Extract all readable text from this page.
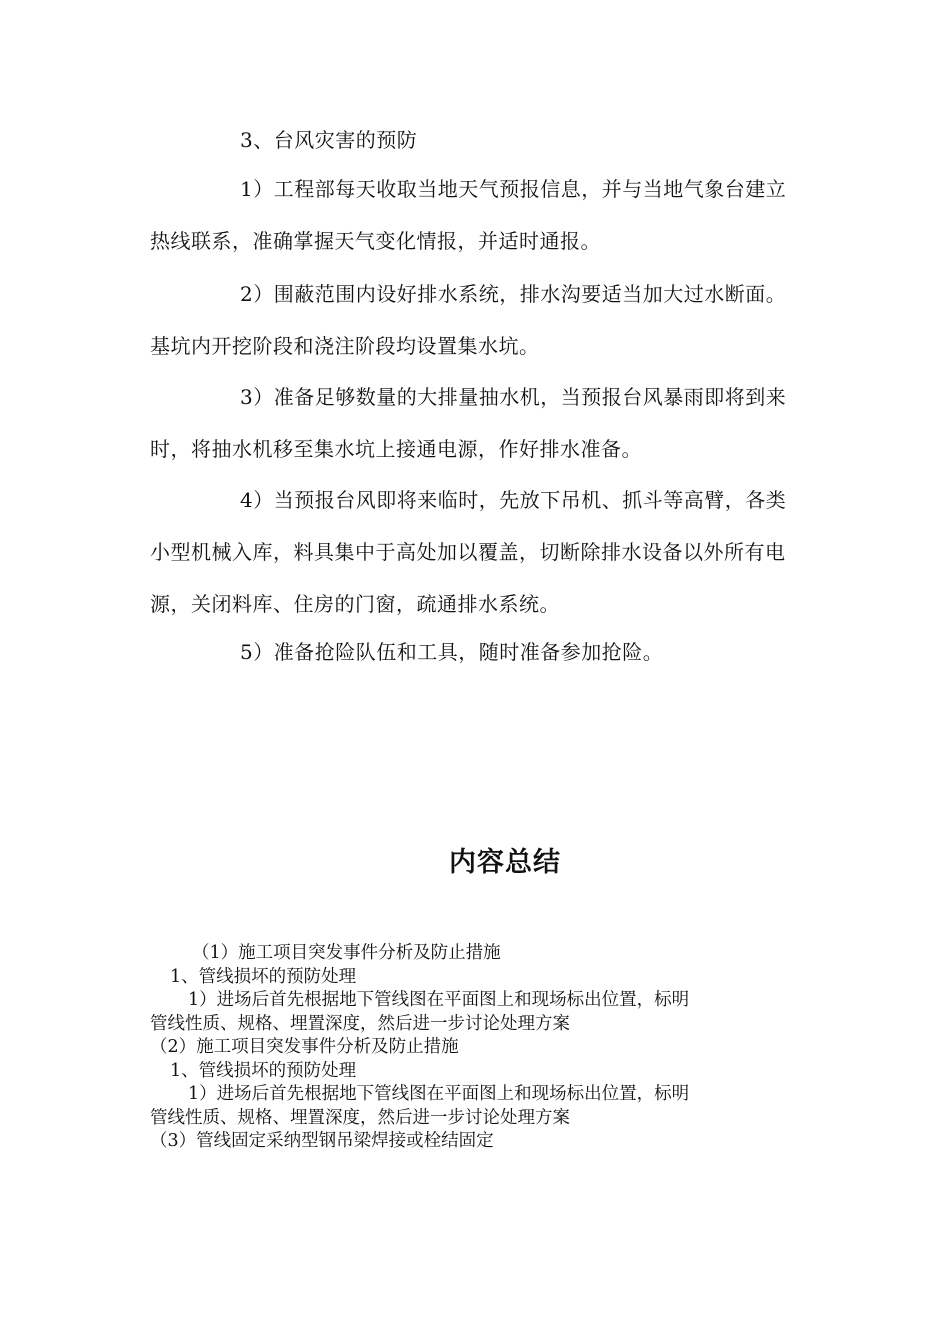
3、台风灾害的预防

1）工程部每天收取当地天气预报信息，并与当地气象台建立热线联系，准确掌握天气变化情报，并适时通报。

2）围蔽范围内设好排水系统，排水沟要适当加大过水断面。基坑内开挖阶段和浇注阶段均设置集水坑。

3）准备足够数量的大排量抽水机，当预报台风暴雨即将到来时，将抽水机移至集水坑上接通电源，作好排水准备。

4）当预报台风即将来临时，先放下吊机、抓斗等高臂，各类小型机械入库，料具集中于高处加以覆盖，切断除排水设备以外所有电源，关闭料库、住房的门窗，疏通排水系统。

5）准备抢险队伍和工具，随时准备参加抢险。

内容总结

（1）施工项目突发事件分析及防止措施

1、管线损坏的预防处理

1）进场后首先根据地下管线图在平面图上和现场标出位置，标明

管线性质、规格、埋置深度，然后进一步讨论处理方案

（2）施工项目突发事件分析及防止措施

1、管线损坏的预防处理

1）进场后首先根据地下管线图在平面图上和现场标出位置，标明

管线性质、规格、埋置深度，然后进一步讨论处理方案

（3）管线固定采纳型钢吊梁焊接或栓结固定
